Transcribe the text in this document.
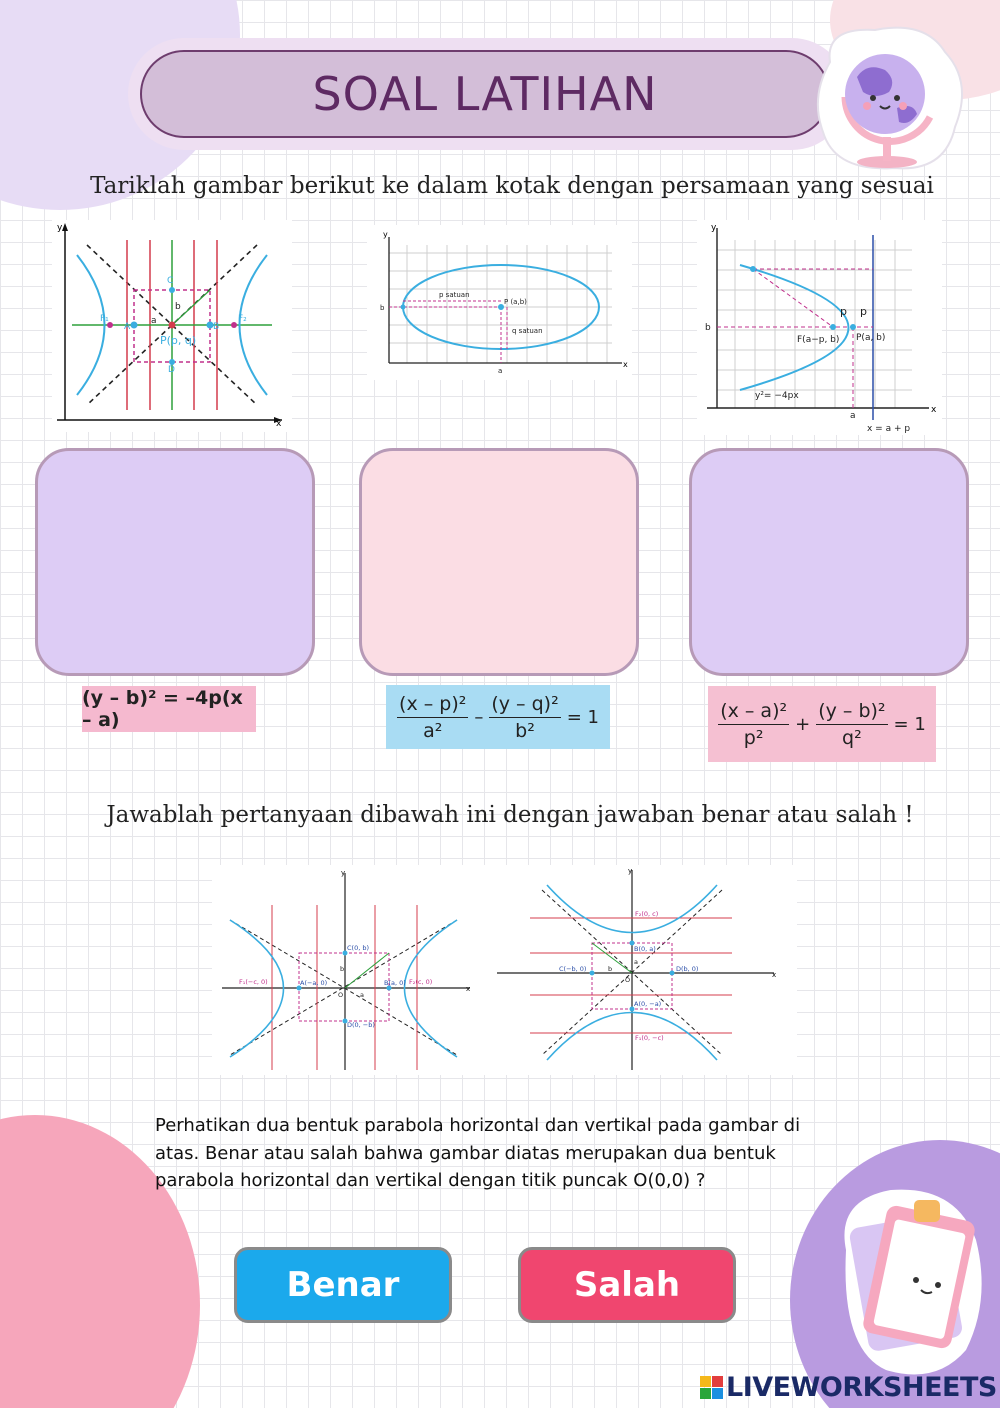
SOAL LATIHAN
Tariklah gambar berikut ke dalam kotak dengan persamaan yang sesuai
y
x
F₁	F₂
A	B
C
D
P(p, q)
a
b
y
x
p satuan
q satuan
P (a,b)
b
a
y
x
b
a
p p
F(a−p, b) P(a, b)
y²= −4px
x = a + p
(y – b)² = –4p(x – a)	$\frac{\text{(x – p)²}}{\text{a²}} - \frac{\text{(y – q)²}}{\text{b²}} = 1$	$\frac{\text{(x – a)²}}{\text{p²}} + \frac{\text{(y – b)²}}{\text{q²}} = 1$
Jawablah pertanyaan dibawah ini dengan jawaban benar atau salah !
y
x
C(0, b)
D(0, −b)
A(−a, 0)	B(a, 0)
F₁(−c, 0)	F₂(c, 0)
b
a
O
y
x
F₂(0, c)
F₁(0, −c)
B(0, a)
A(0, −a)
C(−b, 0)	D(b, 0)
a
b
O
Perhatikan dua bentuk parabola horizontal dan vertikal pada gambar di atas. Benar atau salah bahwa gambar diatas merupakan dua bentuk parabola horizontal dan vertikal dengan titik puncak O(0,0) ?
Benar	Salah
LIVEWORKSHEETS
